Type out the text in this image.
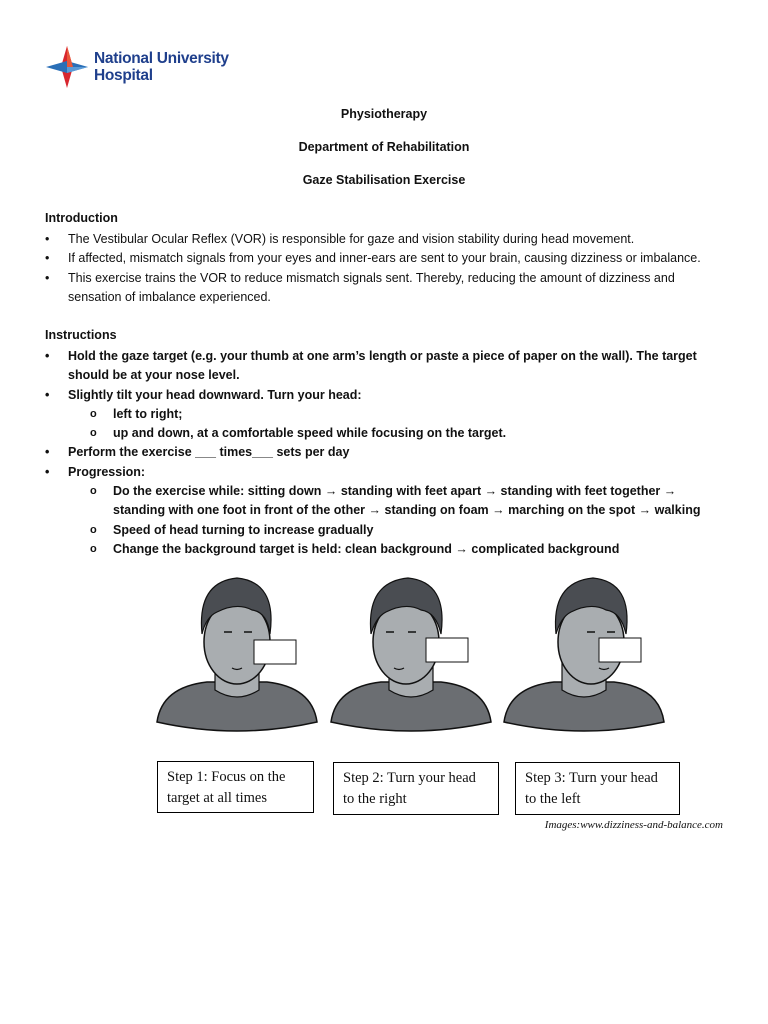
National University
Hospital
Physiotherapy
Department of Rehabilitation
Gaze Stabilisation Exercise
Introduction
• The Vestibular Ocular Reflex (VOR) is responsible for gaze and vision stability during head movement.
• If affected, mismatch signals from your eyes and inner-ears are sent to your brain, causing dizziness or imbalance.
• This exercise trains the VOR to reduce mismatch signals sent. Thereby, reducing the amount of dizziness and sensation of imbalance experienced.
Instructions
• Hold the gaze target (e.g. your thumb at one arm’s length or paste a piece of paper on the wall). The target should be at your nose level.
• Slightly tilt your head downward. Turn your head:
o left to right;
o up and down, at a comfortable speed while focusing on the target.
• Perform the exercise ___ times___ sets per day
• Progression:
o Do the exercise while: sitting down → standing with feet apart → standing with feet together → standing with one foot in front of the other → standing on foam → marching on the spot → walking
o Speed of head turning to increase gradually
o Change the background target is held: clean background → complicated background
Step 1: Focus on the target at all times
Step 2: Turn your head to the right
Step 3: Turn your head to the left
Images:www.dizziness-and-balance.com
